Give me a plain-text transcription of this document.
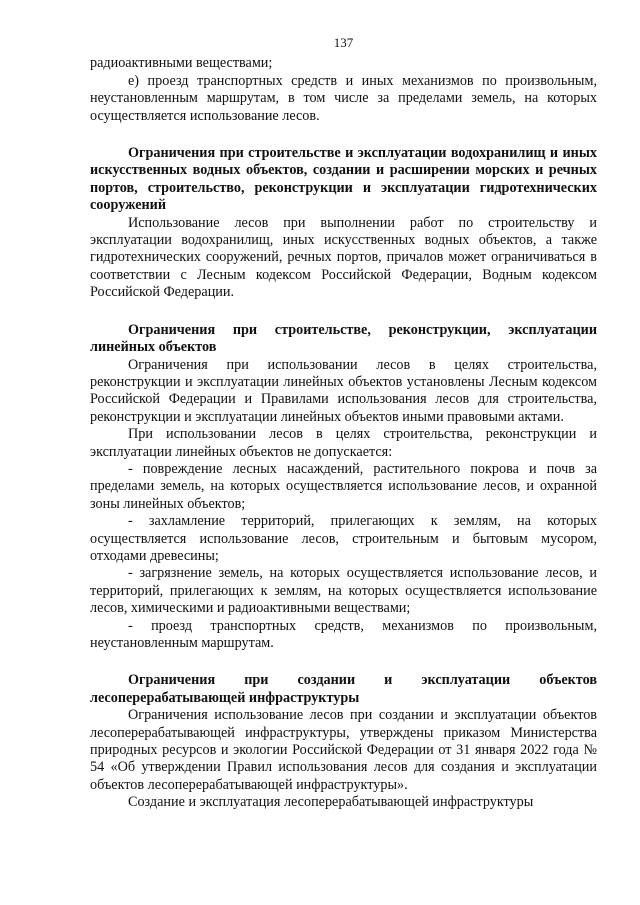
137

радиоактивными веществами;

е) проезд транспортных средств и иных механизмов по произвольным, неустановленным маршрутам, в том числе за пределами земель, на которых осуществляется использование лесов.

Ограничения при строительстве и эксплуатации водохранилищ и иных искусственных водных объектов, создании и расширении морских и речных портов, строительство, реконструкции и эксплуатации гидротехнических сооружений

Использование лесов при выполнении работ по строительству и эксплуатации водохранилищ, иных искусственных водных объектов, а также гидротехнических сооружений, речных портов, причалов может ограничиваться в соответствии с Лесным кодексом Российской Федерации, Водным кодексом Российской Федерации.

Ограничения при строительстве, реконструкции, эксплуатации линейных объектов

Ограничения при использовании лесов в целях строительства, реконструкции и эксплуатации линейных объектов установлены Лесным кодексом Российской Федерации и Правилами использования лесов для строительства, реконструкции и эксплуатации линейных объектов иными правовыми актами.

При использовании лесов в целях строительства, реконструкции и эксплуатации линейных объектов не допускается:

- повреждение лесных насаждений, растительного покрова и почв за пределами земель, на которых осуществляется использование лесов, и охранной зоны линейных объектов;

- захламление территорий, прилегающих к землям, на которых осуществляется использование лесов, строительным и бытовым мусором, отходами древесины;

- загрязнение земель, на которых осуществляется использование лесов, и территорий, прилегающих к землям, на которых осуществляется использование лесов, химическими и радиоактивными веществами;

- проезд транспортных средств, механизмов по произвольным, неустановленным маршрутам.

Ограничения при создании и эксплуатации объектов лесоперерабатывающей инфраструктуры

Ограничения использование лесов при создании и эксплуатации объектов лесоперерабатывающей инфраструктуры, утверждены приказом Министерства природных ресурсов и экологии Российской Федерации от 31 января 2022 года № 54 «Об утверждении Правил использования лесов для создания и эксплуатации объектов лесоперерабатывающей инфраструктуры».

Создание и эксплуатация лесоперерабатывающей инфраструктуры
